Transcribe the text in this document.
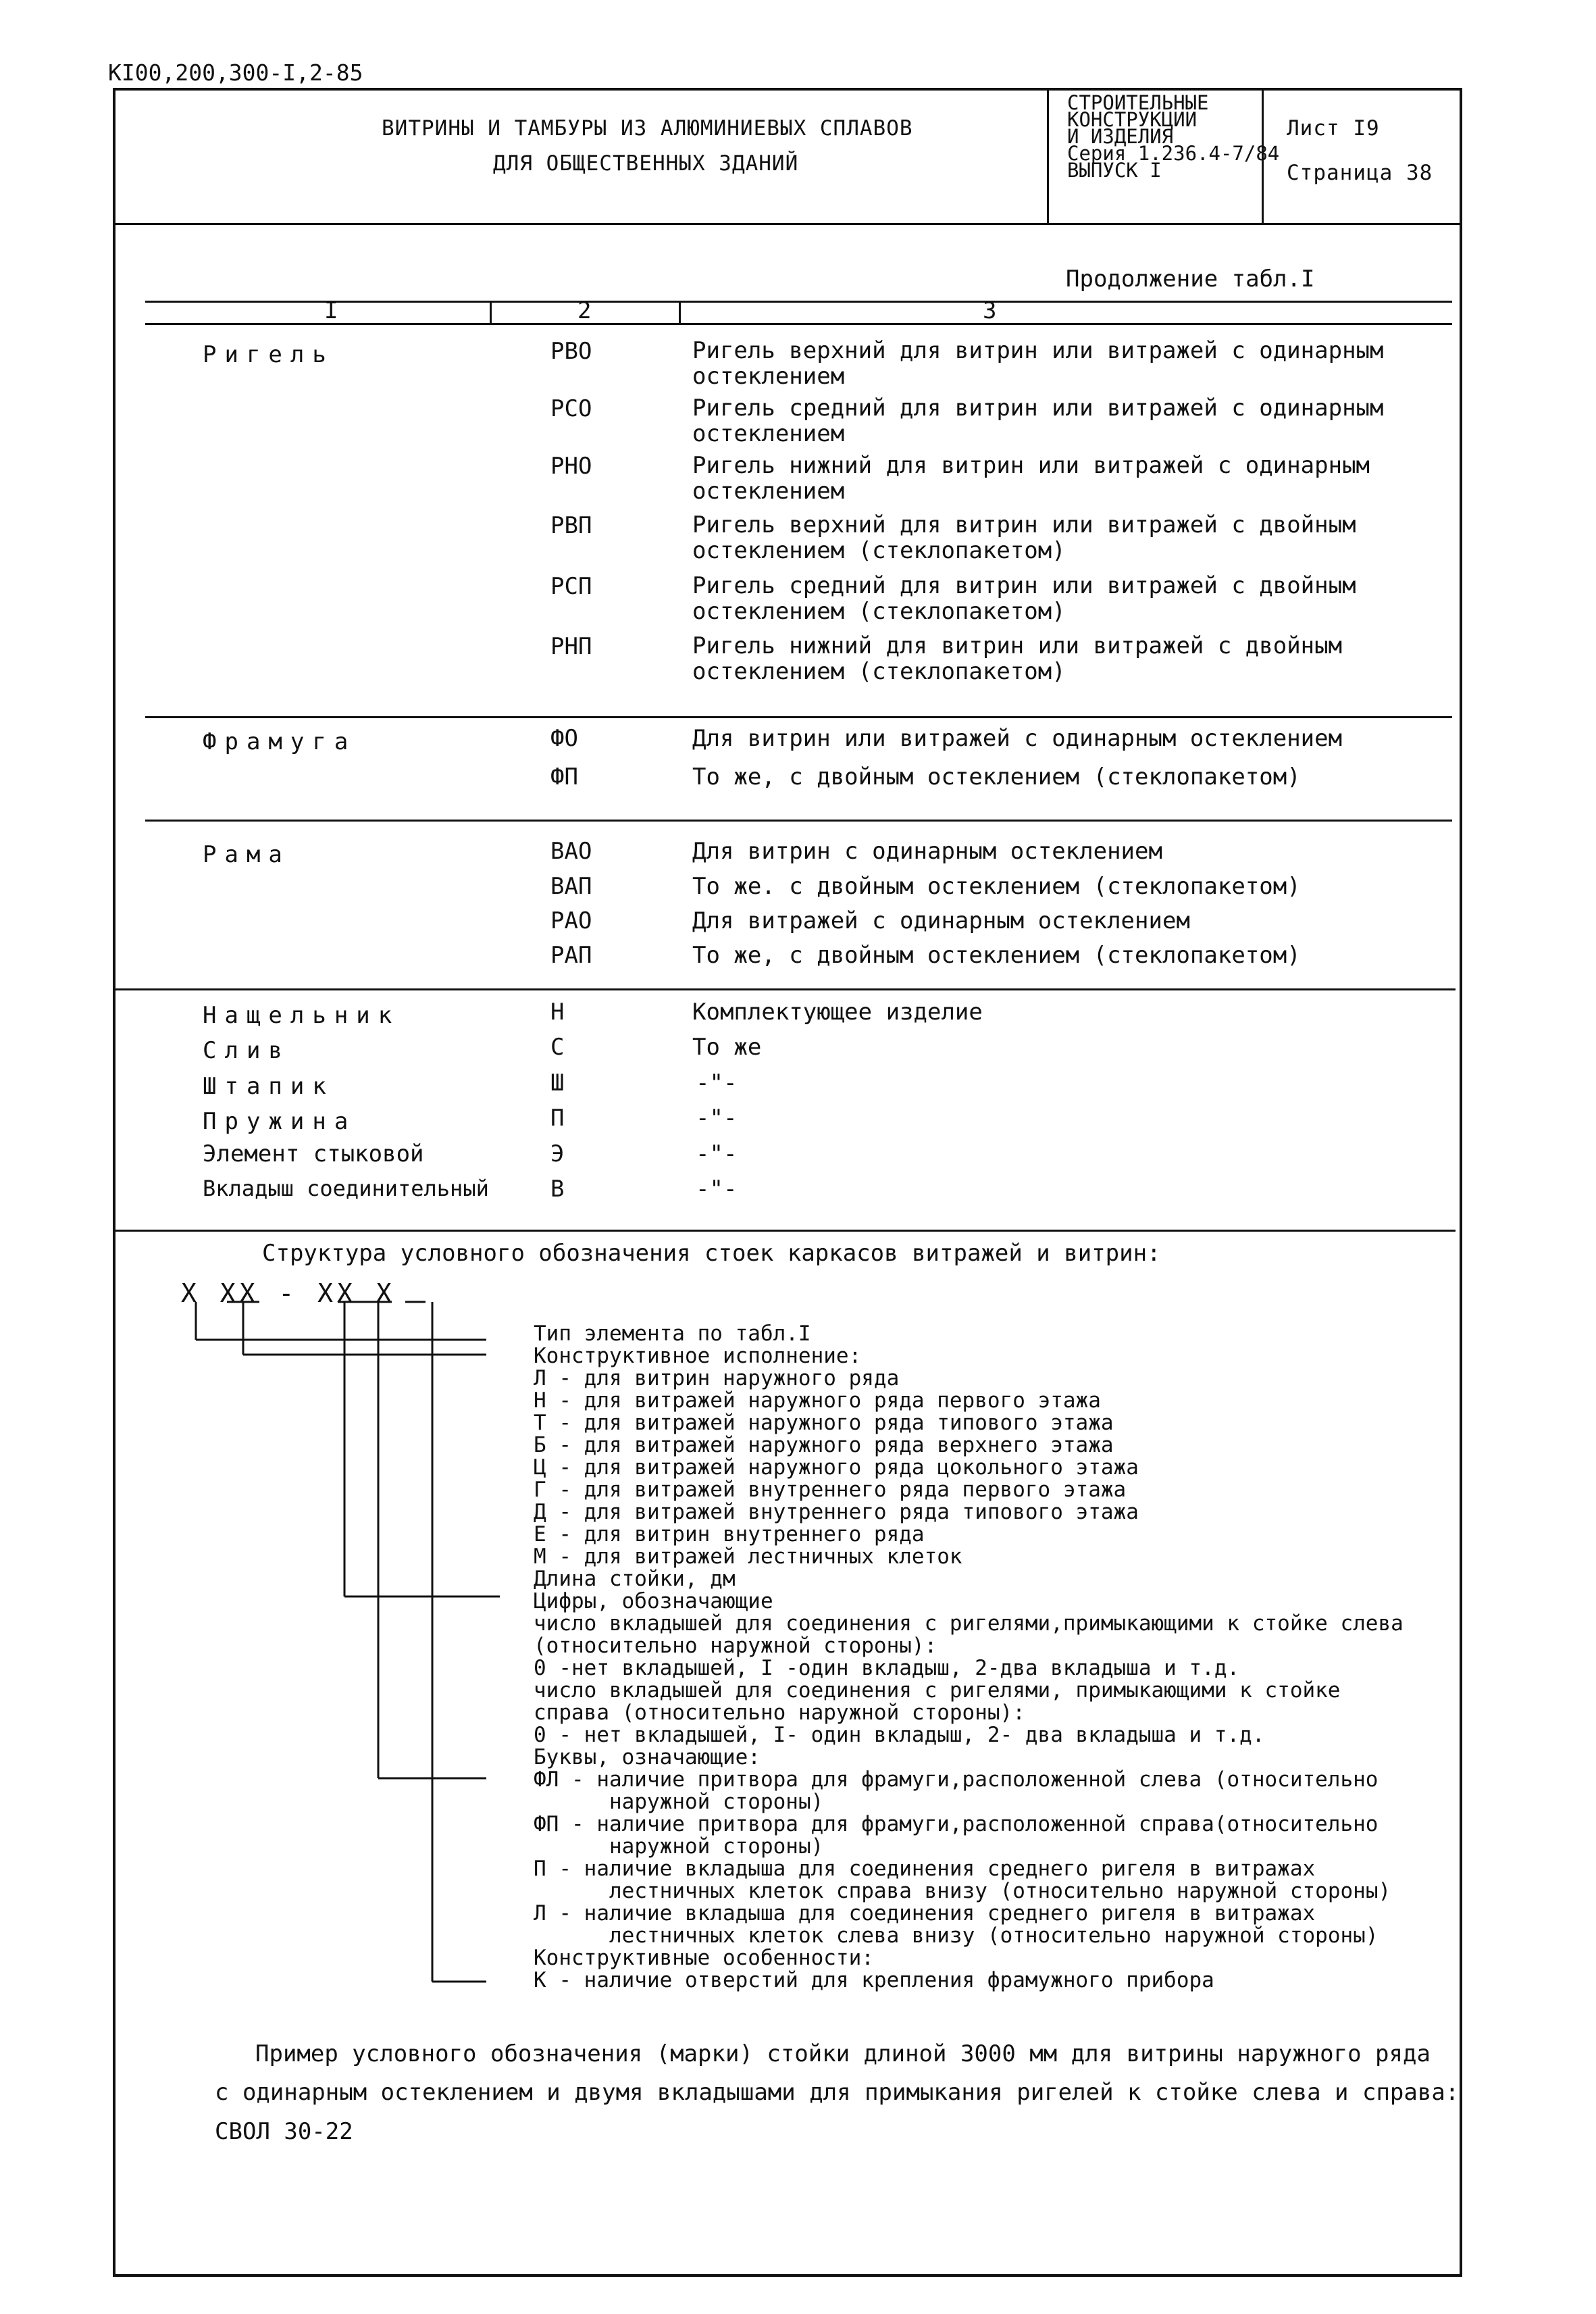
КI00,200,300-I,2-85
ВИТРИНЫ И ТАМБУРЫ ИЗ АЛЮМИНИЕВЫХ СПЛАВОВ
ДЛЯ ОБЩЕСТВЕННЫХ ЗДАНИЙ
СТРОИТЕЛЬНЫЕ
КОНСТРУКЦИИ
И ИЗДЕЛИЯ
Серия 1.236.4-7/84
ВЫПУСК I
Лист I9
Страница 38
Продолжение табл.I
I	2	3
Ригель	РВО	Ригель верхний для витрин или витражей с одинарным остеклением
РСО	Ригель средний для витрин или витражей с одинарным остеклением
РНО	Ригель нижний для витрин или витражей с одинарным остеклением
РВП	Ригель верхний для витрин или витражей с двойным остеклением (стеклопакетом)
РСП	Ригель средний для витрин или витражей с двойным остеклением (стеклопакетом)
РНП	Ригель нижний для витрин или витражей с двойным остеклением (стеклопакетом)
Фрамуга	ФО	Для витрин или витражей с одинарным остеклением
ФП	То же, с двойным остеклением (стеклопакетом)
Рама	ВАО	Для витрин с одинарным остеклением
ВАП	То же. с двойным остеклением (стеклопакетом)
РАО	Для витражей с одинарным остеклением
РАП	То же, с двойным остеклением (стеклопакетом)
Нащельник	Н	Комплектующее изделие
Слив	С	То же
Штапик	Ш	-"-
Пружина	П	-"-
Элемент стыковой	Э	-"-
Вкладыш соединительный	В	-"-
Структура условного обозначения стоек каркасов витражей и витрин:
Х ХХ - ХХ Х
Тип элемента по табл.I
Конструктивное исполнение:
Л - для витрин наружного ряда
Н - для витражей наружного ряда первого этажа
Т - для витражей наружного ряда типового этажа
Б - для витражей наружного ряда верхнего этажа
Ц - для витражей наружного ряда цокольного этажа
Г - для витражей внутреннего ряда первого этажа
Д - для витражей внутреннего ряда типового этажа
Е - для витрин внутреннего ряда
М - для витражей лестничных клеток
Длина стойки, дм
Цифры, обозначающие
число вкладышей для соединения с ригелями,примыкающими к стойке слева
(относительно наружной стороны):
0 -нет вкладышей, I -один вкладыш, 2-два вкладыша и т.д.
число вкладышей для соединения с ригелями, примыкающими к стойке
справа (относительно наружной стороны):
0 - нет вкладышей, I- один вкладыш, 2- два вкладыша и т.д.
Буквы, означающие:
ФЛ - наличие притвора для фрамуги,расположенной слева (относительно
наружной стороны)
ФП - наличие притвора для фрамуги,расположенной справа(относительно
наружной стороны)
П - наличие вкладыша для соединения среднего ригеля в витражах
лестничных клеток справа внизу (относительно наружной стороны)
Л - наличие вкладыша для соединения среднего ригеля в витражах
лестничных клеток слева внизу (относительно наружной стороны)
Конструктивные особенности:
К - наличие отверстий для крепления фрамужного прибора
Пример условного обозначения (марки) стойки длиной 3000 мм для витрины наружного ряда
с одинарным остеклением и двумя вкладышами для примыкания ригелей к стойке слева и справа:
СВОЛ 30-22
